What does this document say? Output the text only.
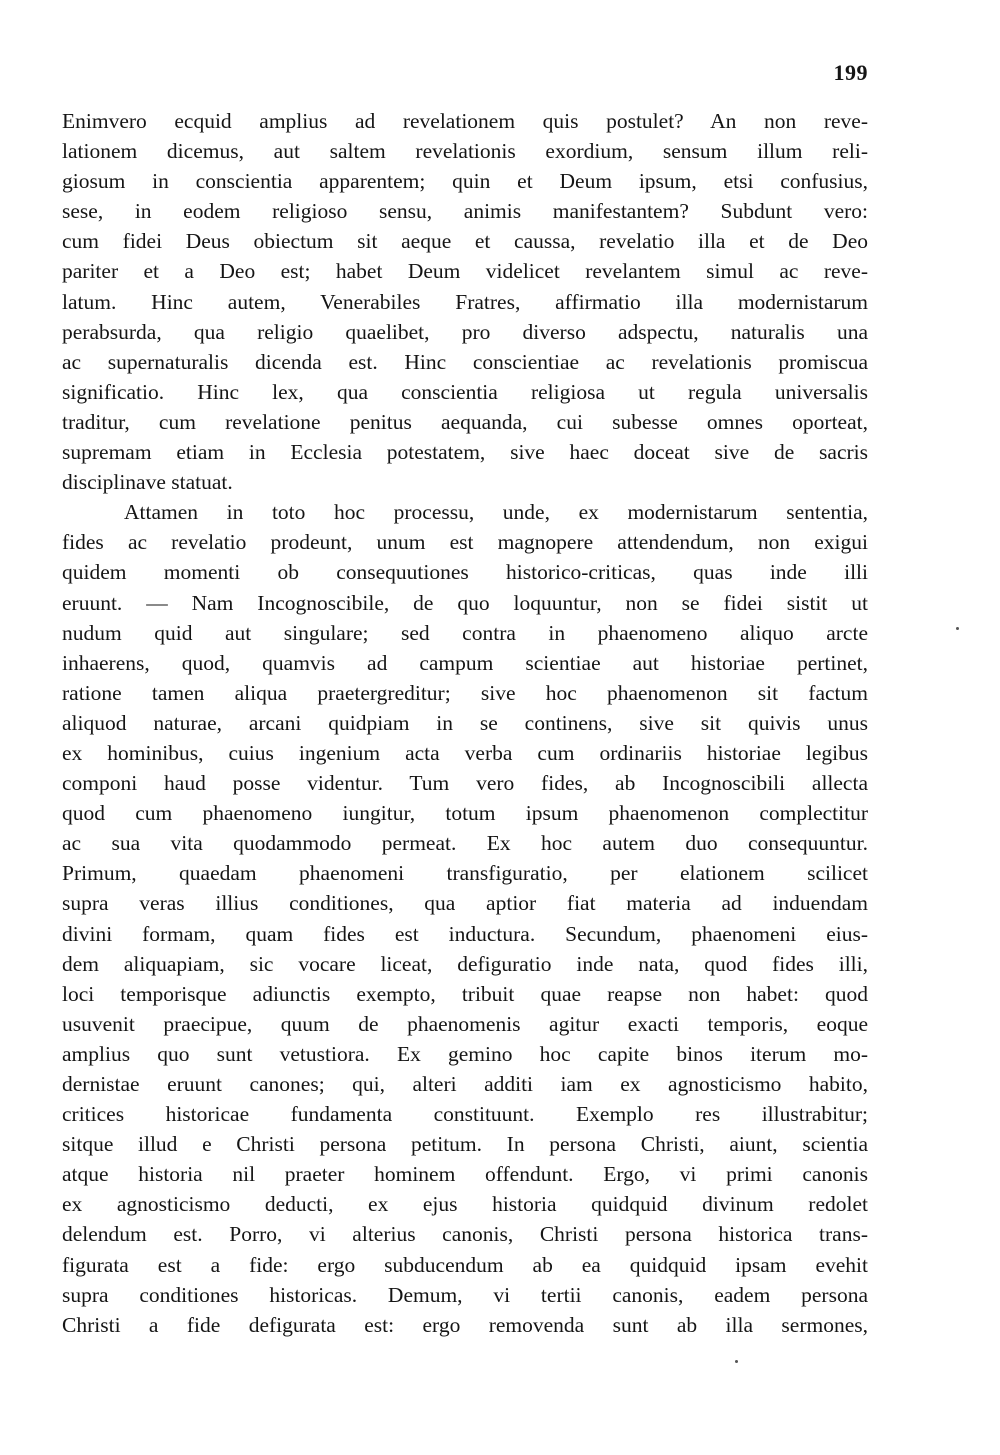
199
Enimvero ecquid amplius ad revelationem quis postulet? An non reve-
lationem dicemus, aut saltem revelationis exordium, sensum illum reli-
giosum in conscientia apparentem; quin et Deum ipsum, etsi confusius,
sese, in eodem religioso sensu, animis manifestantem? Subdunt vero:
cum fidei Deus obiectum sit aeque et caussa, revelatio illa et de Deo
pariter et a Deo est; habet Deum videlicet revelantem simul ac reve-
latum. Hinc autem, Venerabiles Fratres, affirmatio illa modernistarum
perabsurda, qua religio quaelibet, pro diverso adspectu, naturalis una
ac supernaturalis dicenda est. Hinc conscientiae ac revelationis promiscua
significatio. Hinc lex, qua conscientia religiosa ut regula universalis
traditur, cum revelatione penitus aequanda, cui subesse omnes oporteat,
supremam etiam in Ecclesia potestatem, sive haec doceat sive de sacris
disciplinave statuat.
Attamen in toto hoc processu, unde, ex modernistarum sententia,
fides ac revelatio prodeunt, unum est magnopere attendendum, non exigui
quidem momenti ob consequutiones historico-criticas, quas inde illi
eruunt. — Nam Incognoscibile, de quo loquuntur, non se fidei sistit ut
nudum quid aut singulare; sed contra in phaenomeno aliquo arcte
inhaerens, quod, quamvis ad campum scientiae aut historiae pertinet,
ratione tamen aliqua praetergreditur; sive hoc phaenomenon sit factum
aliquod naturae, arcani quidpiam in se continens, sive sit quivis unus
ex hominibus, cuius ingenium acta verba cum ordinariis historiae legibus
componi haud posse videntur. Tum vero fides, ab Incognoscibili allecta
quod cum phaenomeno iungitur, totum ipsum phaenomenon complectitur
ac sua vita quodammodo permeat. Ex hoc autem duo consequuntur.
Primum, quaedam phaenomeni transfiguratio, per elationem scilicet
supra veras illius conditiones, qua aptior fiat materia ad induendam
divini formam, quam fides est inductura. Secundum, phaenomeni eius-
dem aliquapiam, sic vocare liceat, defiguratio inde nata, quod fides illi,
loci temporisque adiunctis exempto, tribuit quae reapse non habet: quod
usuvenit praecipue, quum de phaenomenis agitur exacti temporis, eoque
amplius quo sunt vetustiora. Ex gemino hoc capite binos iterum mo-
dernistae eruunt canones; qui, alteri additi iam ex agnosticismo habito,
critices historicae fundamenta constituunt. Exemplo res illustrabitur;
sitque illud e Christi persona petitum. In persona Christi, aiunt, scientia
atque historia nil praeter hominem offendunt. Ergo, vi primi canonis
ex agnosticismo deducti, ex ejus historia quidquid divinum redolet
delendum est. Porro, vi alterius canonis, Christi persona historica trans-
figurata est a fide: ergo subducendum ab ea quidquid ipsam evehit
supra conditiones historicas. Demum, vi tertii canonis, eadem persona
Christi a fide defigurata est: ergo removenda sunt ab illa sermones,
